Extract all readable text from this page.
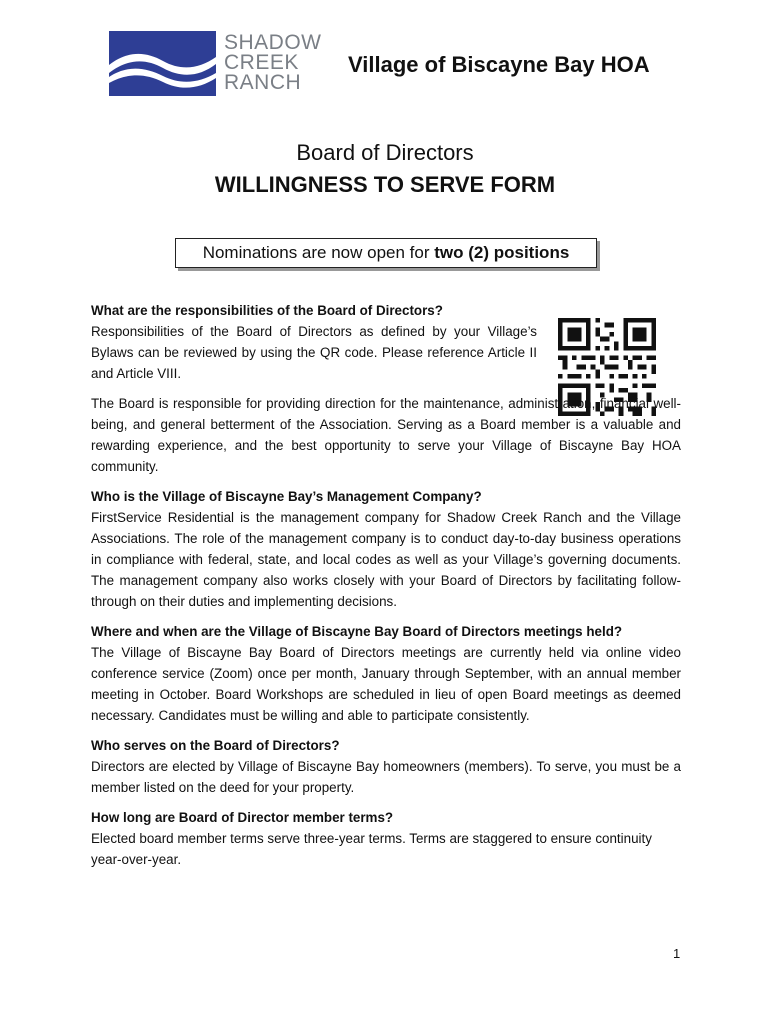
SHADOW
CREEK
RANCH
Village of Biscayne Bay HOA
Board of Directors
WILLINGNESS TO SERVE FORM
Nominations are now open for two (2) positions
What are the responsibilities of the Board of Directors?

Responsibilities of the Board of Directors as defined by your Village’s Bylaws can be reviewed by using the QR code. Please reference Article II and Article VIII.

The Board is responsible for providing direction for the maintenance, administration, financial well-being, and general betterment of the Association. Serving as a Board member is a valuable and rewarding experience, and the best opportunity to serve your Village of Biscayne Bay HOA community.

Who is the Village of Biscayne Bay’s Management Company?

FirstService Residential is the management company for Shadow Creek Ranch and the Village Associations. The role of the management company is to conduct day-to-day business operations in compliance with federal, state, and local codes as well as your Village’s governing documents. The management company also works closely with your Board of Directors by facilitating follow-through on their duties and implementing decisions.

Where and when are the Village of Biscayne Bay Board of Directors meetings held?

The Village of Biscayne Bay Board of Directors meetings are currently held via online video conference service (Zoom) once per month, January through September, with an annual member meeting in October. Board Workshops are scheduled in lieu of open Board meetings as deemed necessary. Candidates must be willing and able to participate consistently.

Who serves on the Board of Directors?

Directors are elected by Village of Biscayne Bay homeowners (members). To serve, you must be a member listed on the deed for your property.

How long are Board of Director member terms?

Elected board member terms serve three-year terms. Terms are staggered to ensure continuity year-over-year.

1
